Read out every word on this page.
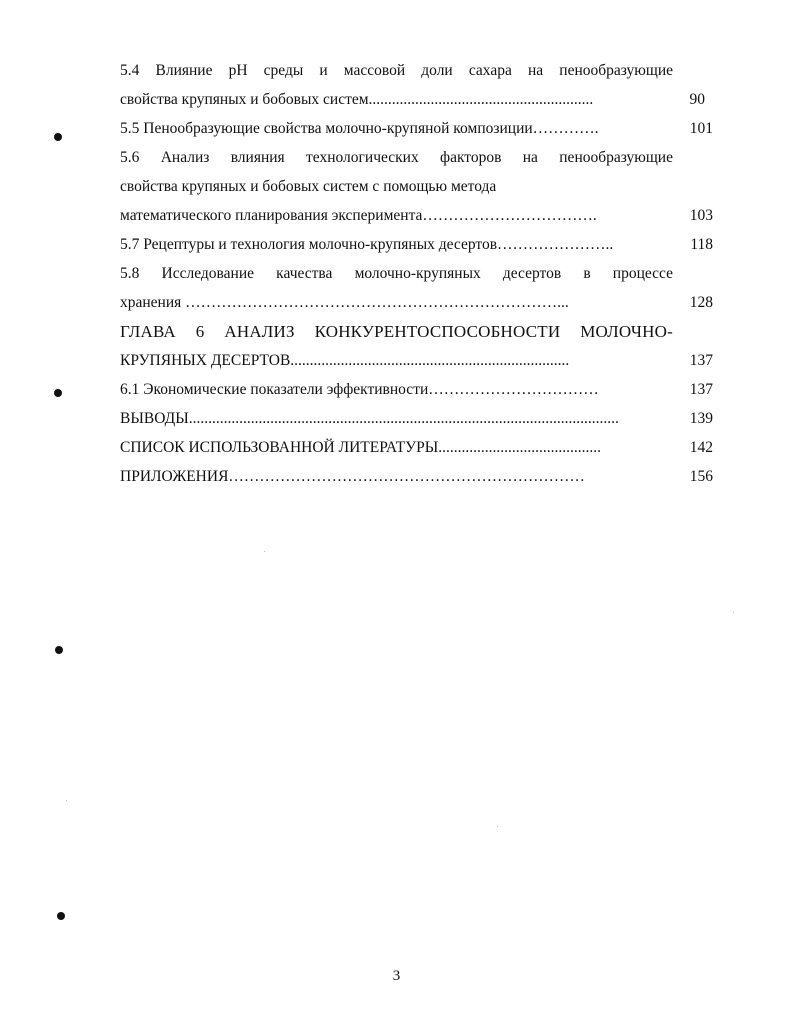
5.4 Влияние pH среды и массовой доли сахара на пенообразующие
свойства крупяных и бобовых систем..........................................................	90
5.5 Пенообразующие свойства молочно-крупяной композиции………….	101
5.6 Анализ влияния технологических факторов на пенообразующие
свойства крупяных и бобовых систем с помощью метода
математического планирования эксперимента…………………………….	103
5.7 Рецептуры и технология молочно-крупяных десертов…………………..	118
5.8 Исследование качества молочно-крупяных десертов в процессе
хранения ………………………………………………………………...	128
ГЛАВА 6 АНАЛИЗ КОНКУРЕНТОСПОСОБНОСТИ МОЛОЧНО-
КРУПЯНЫХ ДЕСЕРТОВ........................................................................	137
6.1 Экономические показатели эффективности……………………………	137
ВЫВОДЫ...............................................................................................................	139
СПИСОК ИСПОЛЬЗОВАННОЙ ЛИТЕРАТУРЫ..........................................	142
ПРИЛОЖЕНИЯ……………………………………………………………	156
3
